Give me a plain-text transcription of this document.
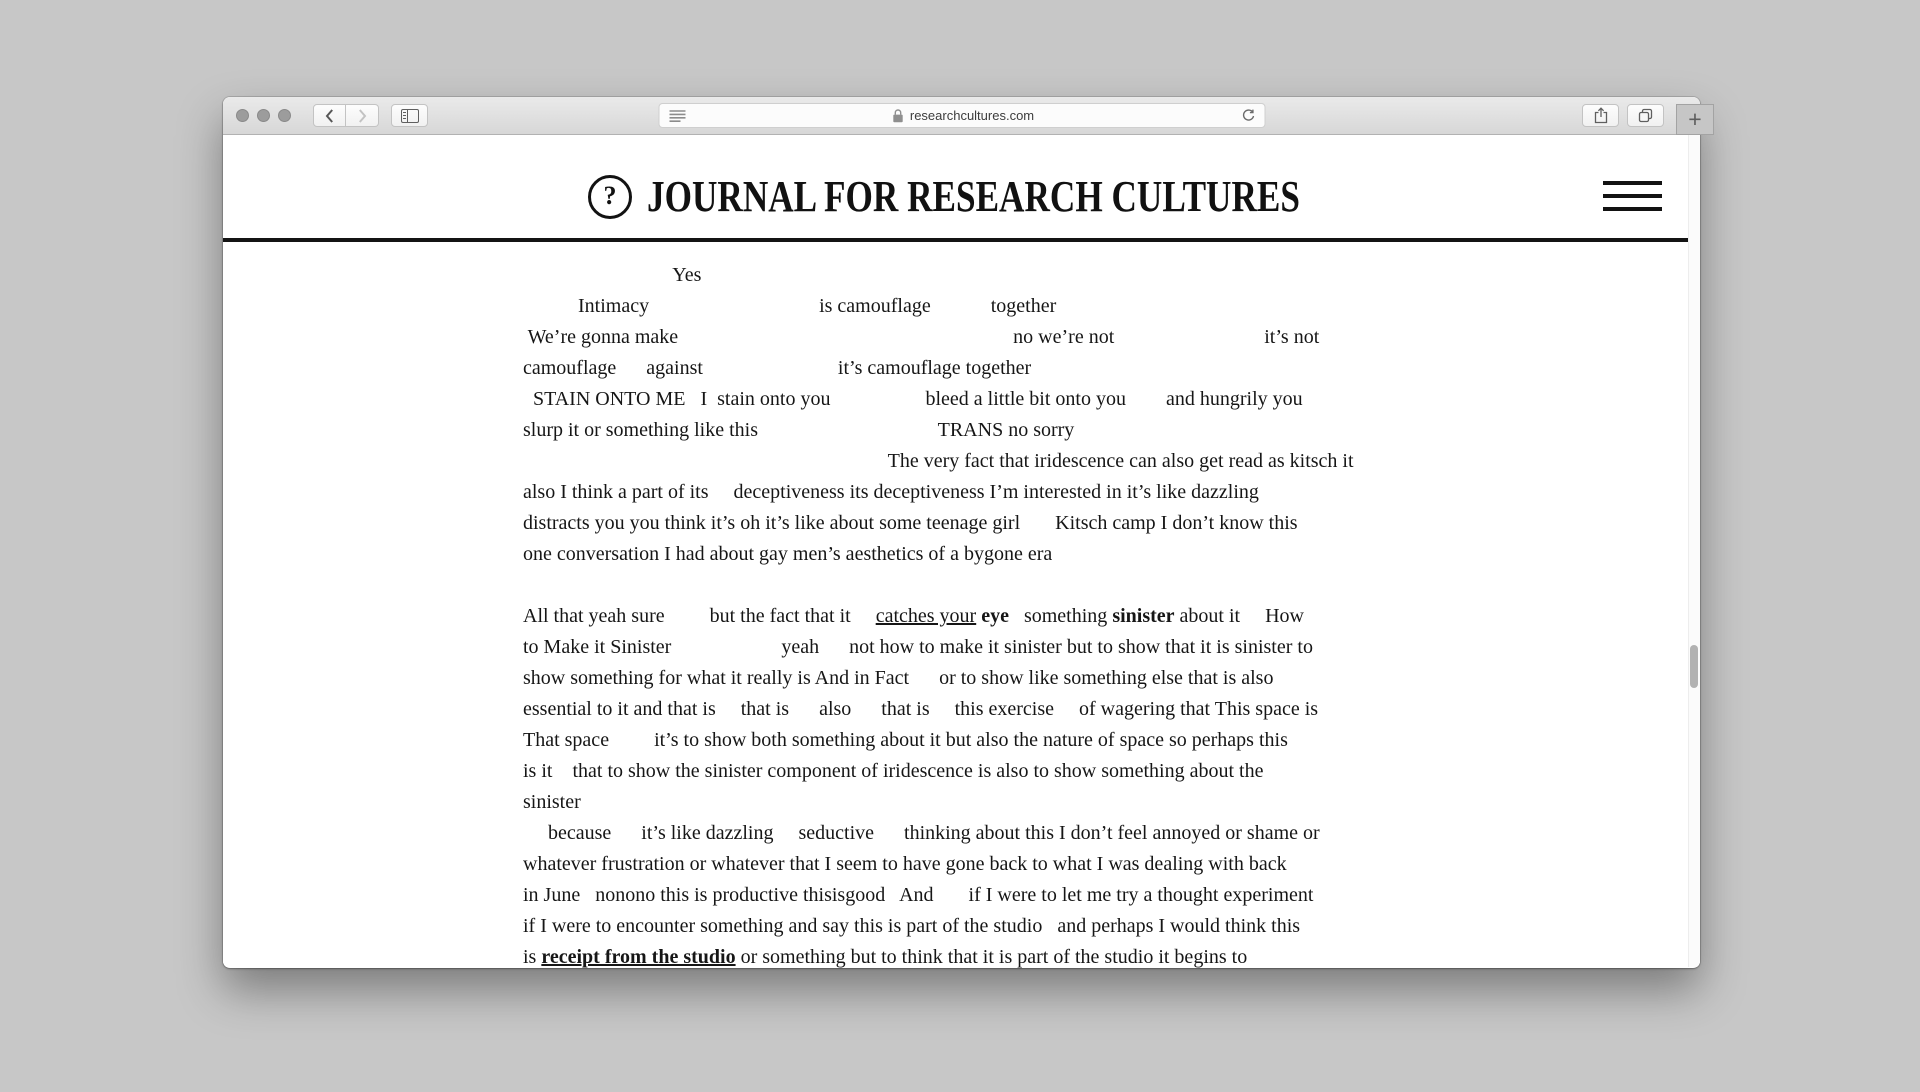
+
researchcultures.com
? JOURNAL FOR RESEARCH CULTURES
Yes
Intimacy                                  is camouflage            together
We’re gonna make                                                                   no we’re not                              it’s not
camouflage      against                           it’s camouflage together
STAIN ONTO ME   I  stain onto you                   bleed a little bit onto you        and hungrily you
slurp it or something like this                                    TRANS no sorry
The very fact that iridescence can also get read as kitsch it
also I think a part of its     deceptiveness its deceptiveness I’m interested in it’s like dazzling
distracts you you think it’s oh it’s like about some teenage girl       Kitsch camp I don’t know this
one conversation I had about gay men’s aesthetics of a bygone era
All that yeah sure         but the fact that it     catches your eye   something sinister about it     How
to Make it Sinister                      yeah      not how to make it sinister but to show that it is sinister to
show something for what it really is And in Fact      or to show like something else that is also
essential to it and that is     that is      also      that is     this exercise     of wagering that This space is
That space         it’s to show both something about it but also the nature of space so perhaps this
is it    that to show the sinister component of iridescence is also to show something about the
sinister
because      it’s like dazzling     seductive      thinking about this I don’t feel annoyed or shame or
whatever frustration or whatever that I seem to have gone back to what I was dealing with back
in June   nonono this is productive thisisgood   And       if I were to let me try a thought experiment
if I were to encounter something and say this is part of the studio   and perhaps I would think this
is receipt from the studio or something but to think that it is part of the studio it begins to
